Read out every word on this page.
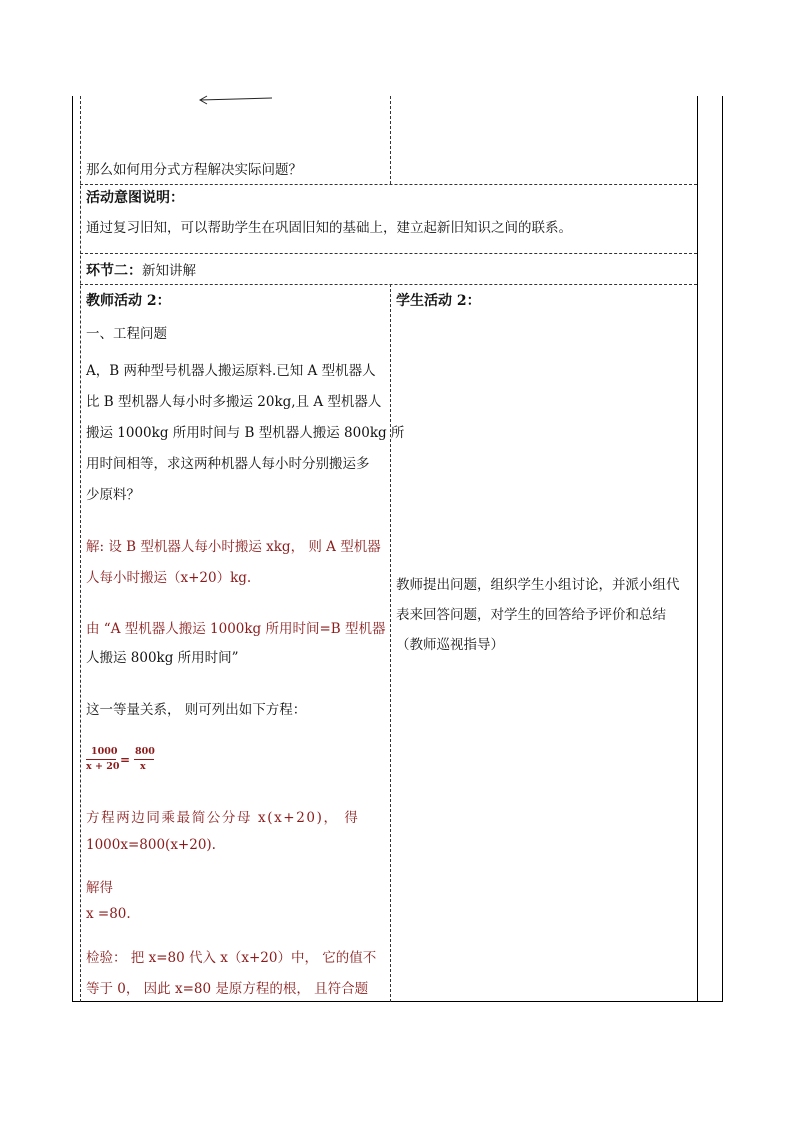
那么如何用分式方程解决实际问题？
活动意图说明：
通过复习旧知，可以帮助学生在巩固旧知的基础上，建立起新旧知识之间的联系。
环节二：新知讲解
教师活动 2：
一、工程问题
A，B 两种型号机器人搬运原料.已知 A 型机器人
比 B 型机器人每小时多搬运 20kg,且 A 型机器人
搬运 1000kg 所用时间与 B 型机器人搬运 800kg 所
用时间相等，求这两种机器人每小时分别搬运多
少原料？
解: 设 B 型机器人每小时搬运 xkg， 则 A 型机器
人每小时搬运（x+20）kg.
由 “A 型机器人搬运 1000kg 所用时间=B 型机器
人搬运 800kg 所用时间”
这一等量关系， 则可列出如下方程：
1000
x + 20 =
800
x
方程两边同乘最简公分母 x(x+20)， 得
1000x=800(x+20).
解得
x =80.
检验： 把 x=80 代入 x（x+20）中， 它的值不
等于 0， 因此 x=80 是原方程的根， 且符合题
学生活动 2：
教师提出问题，组织学生小组讨论，并派小组代
表来回答问题，对学生的回答给予评价和总结
（教师巡视指导）
